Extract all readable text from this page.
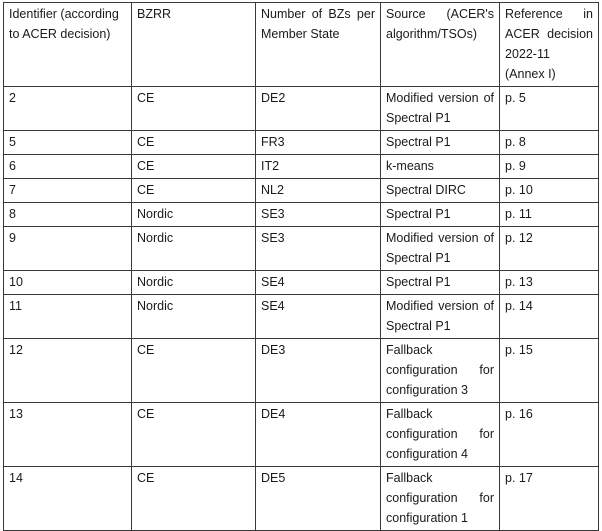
Identifier (according to ACER decision)	BZRR	Number of BZs per Member State	Source (ACER's algorithm/TSOs)	Reference in ACER decision 2022-11 (Annex I)
2	CE	DE2	Modified version of Spectral P1	p. 5
5	CE	FR3	Spectral P1	p. 8
6	CE	IT2	k-means	p. 9
7	CE	NL2	Spectral DIRC	p. 10
8	Nordic	SE3	Spectral P1	p. 11
9	Nordic	SE3	Modified version of Spectral P1	p. 12
10	Nordic	SE4	Spectral P1	p. 13
11	Nordic	SE4	Modified version of Spectral P1	p. 14
12	CE	DE3	Fallback configuration for configuration 3	p. 15
13	CE	DE4	Fallback configuration for configuration 4	p. 16
14	CE	DE5	Fallback configuration for configuration 1	p. 17
